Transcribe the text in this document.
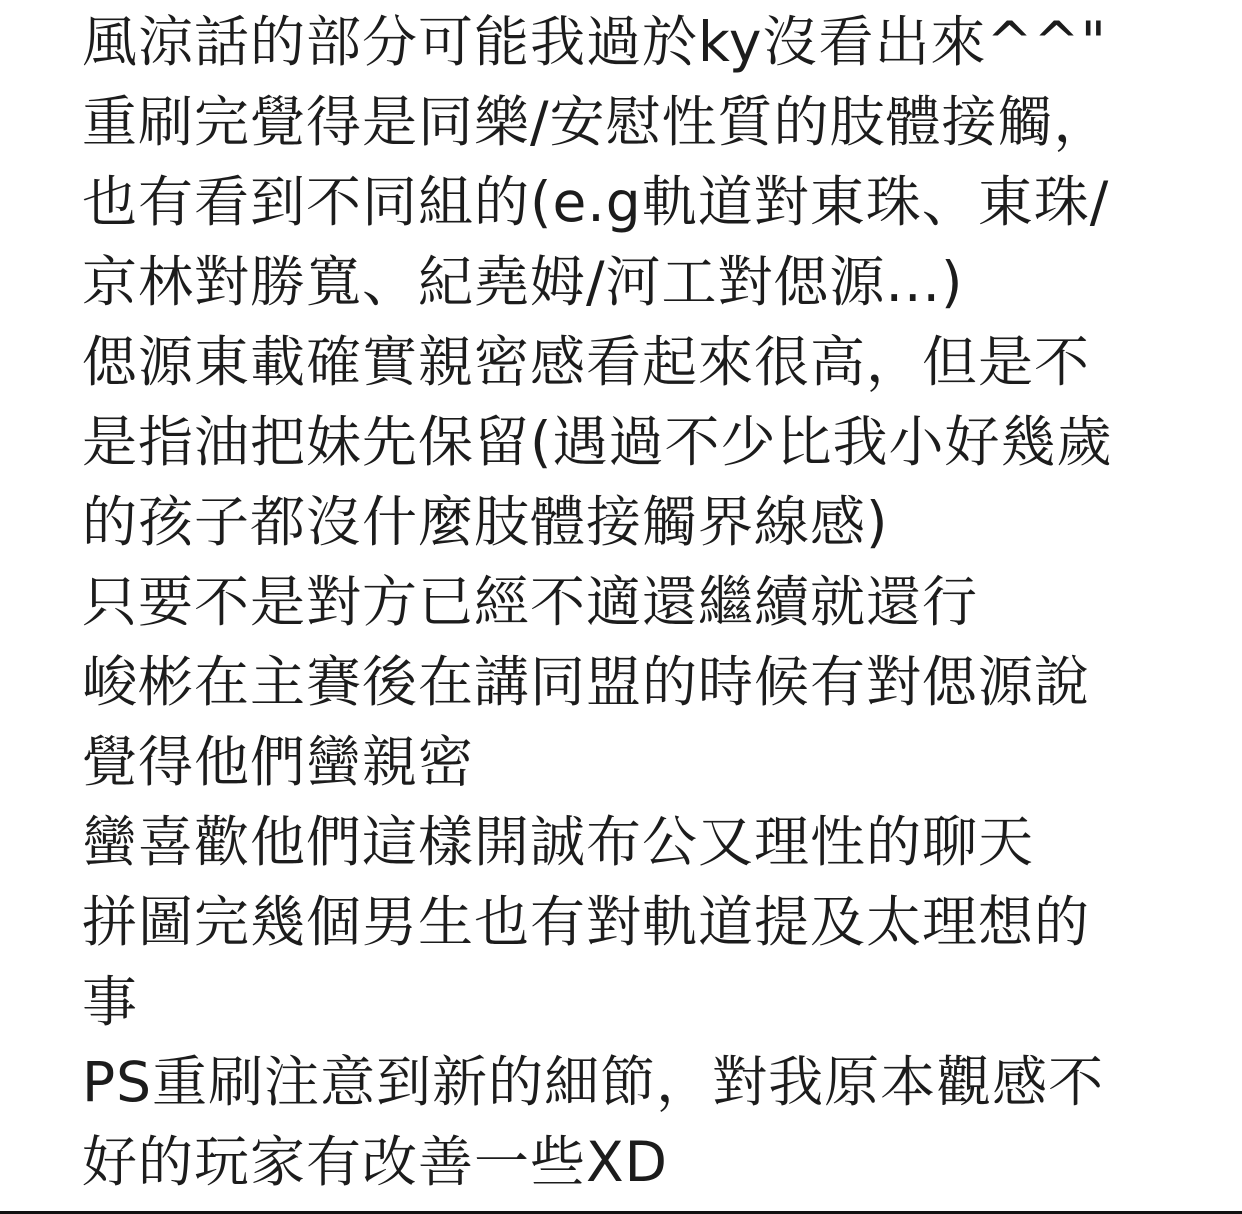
風涼話的部分可能我過於ky沒看出來^^"
重刷完覺得是同樂/安慰性質的肢體接觸，
也有看到不同組的(e.g軌道對東珠、東珠/
京林對勝寬、紀堯姆/河工對偲源...)
偲源東載確實親密感看起來很高，但是不
是指油把妹先保留(遇過不少比我小好幾歲
的孩子都沒什麼肢體接觸界線感)
只要不是對方已經不適還繼續就還行
峻彬在主賽後在講同盟的時候有對偲源說
覺得他們蠻親密
蠻喜歡他們這樣開誠布公又理性的聊天
拼圖完幾個男生也有對軌道提及太理想的
事
PS重刷注意到新的細節，對我原本觀感不
好的玩家有改善一些XD
